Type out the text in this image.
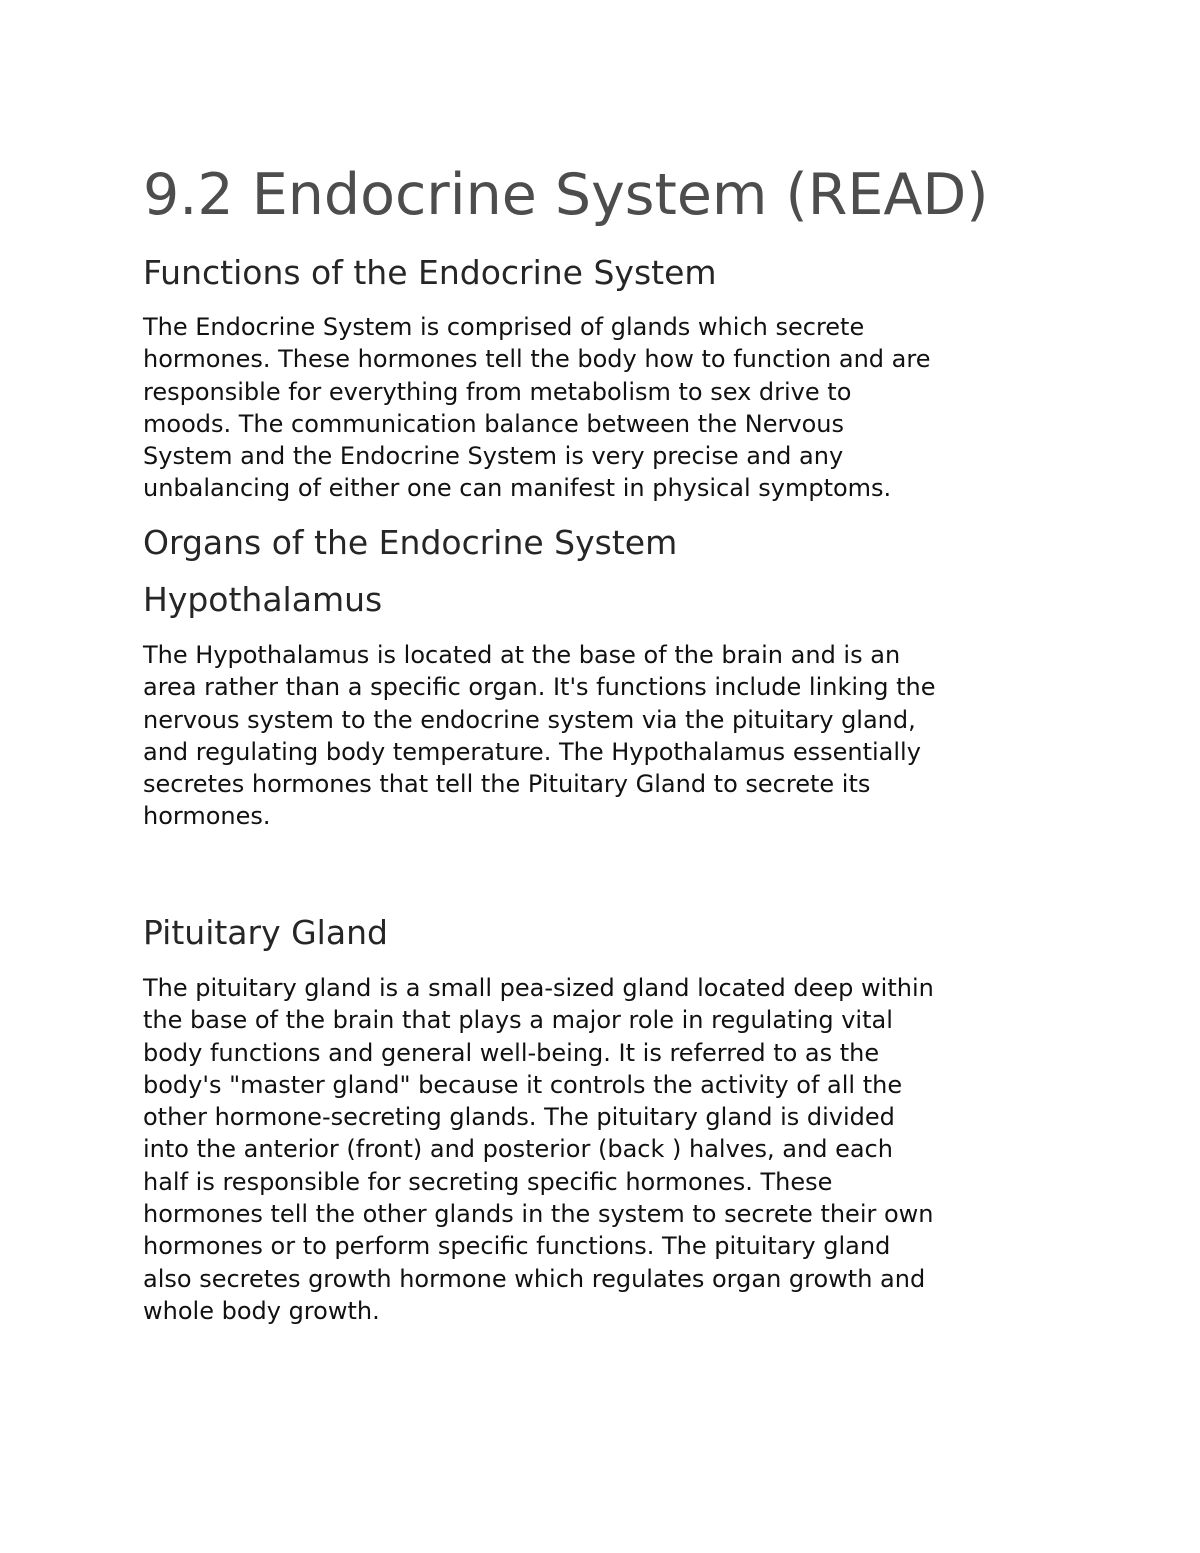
9.2 Endocrine System (READ)
Functions of the Endocrine System
The Endocrine System is comprised of glands which secrete
hormones. These hormones tell the body how to function and are
responsible for everything from metabolism to sex drive to
moods. The communication balance between the Nervous
System and the Endocrine System is very precise and any
unbalancing of either one can manifest in physical symptoms.
Organs of the Endocrine System
Hypothalamus
The Hypothalamus is located at the base of the brain and is an
area rather than a specific organ. It's functions include linking the
nervous system to the endocrine system via the pituitary gland,
and regulating body temperature. The Hypothalamus essentially
secretes hormones that tell the Pituitary Gland to secrete its
hormones.
Pituitary Gland
The pituitary gland is a small pea-sized gland located deep within
the base of the brain that plays a major role in regulating vital
body functions and general well-being. It is referred to as the
body's "master gland" because it controls the activity of all the
other hormone-secreting glands. The pituitary gland is divided
into the anterior (front) and posterior (back ) halves, and each
half is responsible for secreting specific hormones. These
hormones tell the other glands in the system to secrete their own
hormones or to perform specific functions. The pituitary gland
also secretes growth hormone which regulates organ growth and
whole body growth.
